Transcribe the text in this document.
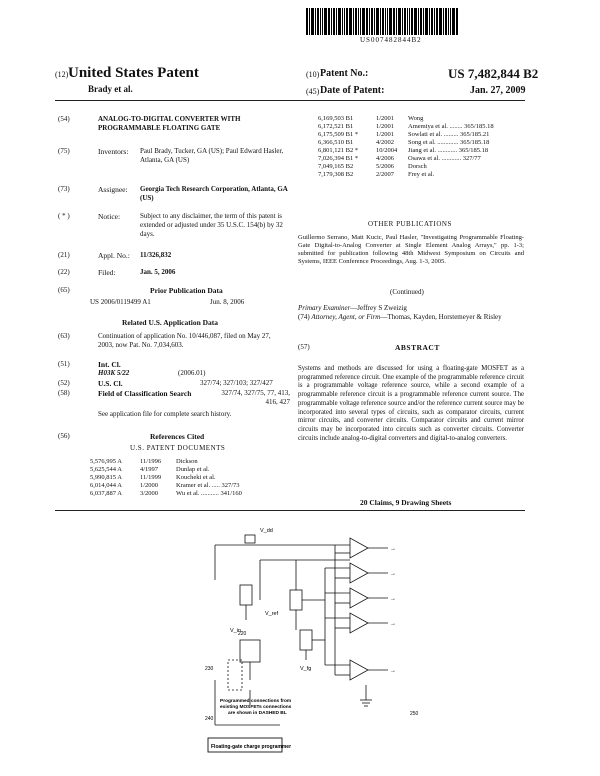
US007482844B2
(12) United States Patent
Brady et al.
(10) Patent No.:	US 7,482,844 B2
(45) Date of Patent:	Jan. 27, 2009
(54)	ANALOG-TO-DIGITAL CONVERTER WITH PROGRAMMABLE FLOATING GATE
(75)	Inventors: Paul Brady, Tucker, GA (US); Paul Edward Hasler, Atlanta, GA (US)
(73)	Assignee: Georgia Tech Research Corporation, Atlanta, GA (US)
( * )	Notice:	Subject to any disclaimer, the term of this patent is extended or adjusted under 35 U.S.C. 154(b) by 32 days.
(21)	Appl. No.: 11/326,832
(22)	Filed:	Jan. 5, 2006
(65)	Prior Publication Data
US 2006/0119499 A1	Jun. 8, 2006
Related U.S. Application Data
(63)	Continuation of application No. 10/446,087, filed on May 27, 2003, now Pat. No. 7,034,603.
(51)	Int. Cl.
H03K 5/22	(2006.01)
(52)	U.S. Cl.	327/74; 327/103; 327/427
(58)	Field of Classification Search	327/74, 327/75, 77, 413, 416, 427
See application file for complete search history.
(56)	References Cited
U.S. PATENT DOCUMENTS
5,576,995 A	11/1996 Dickson
5,625,544 A	4/1997	Dunlap et al.
5,990,815 A	11/1999 Koucheki et al.
6,014,044 A	1/2000	Kramer et al. ..... 327/73
6,037,887 A	3/2000	Wu et al. ........... 341/160
6,169,503 B1	1/2001 Wong
6,172,521 B1	1/2001 Amemiya et al. ........ 365/185.18
6,175,509 B1 *	1/2001 Sowlati et al. ......... 365/185.21
6,366,510 B1	4/2002 Song et al. ............. 365/185.18
6,801,121 B2 *	10/2004 Jiang et al. ............ 365/185.18
7,026,394 B1 *	4/2006 Osawa et al. ............ 327/77
7,049,165 B2	5/2006 Dorsch
7,179,308 B2	2/2007 Frey et al.
OTHER PUBLICATIONS
Guillermo Serrano, Matt Kucic, Paul Hasler, "Investigating Programmable Floating-Gate Digital-to-Analog Converter at Single Element Analog Arrays," pp. 1-3; submitted for publication following 48th Midwest Symposium on Circuits and Systems, IEEE Conference Proceedings, Aug. 1-3, 2005.
(Continued)
Primary Examiner—Jeffrey S Zweizig
(74) Attorney, Agent, or Firm—Thomas, Kayden, Horstemeyer & Risley
(57)	ABSTRACT
Systems and methods are discussed for using a floating-gate MOSFET as a programmed reference circuit. One example of the programmable reference circuit is a programmable voltage reference source, while a second example of a programmable reference circuit is a programmable reference current source. The programmable voltage reference source and/or the reference current source may be incorporated into several types of circuits, such as comparator circuits, current mirror circuits, and converter circuits. Comparator circuits and current mirror circuits may be incorporated into circuits such as converter circuits. Converter circuits include analog-to-digital converters and digital-to-analog converters.
20 Claims, 9 Drawing Sheets
→
→
→
→
→
V_dd
V_ref
V_in
V_fg
220
230
240
250
Programmed connections from
existing MOSFETs connections
are shown in DASHED BL
Floating-gate charge programmer
